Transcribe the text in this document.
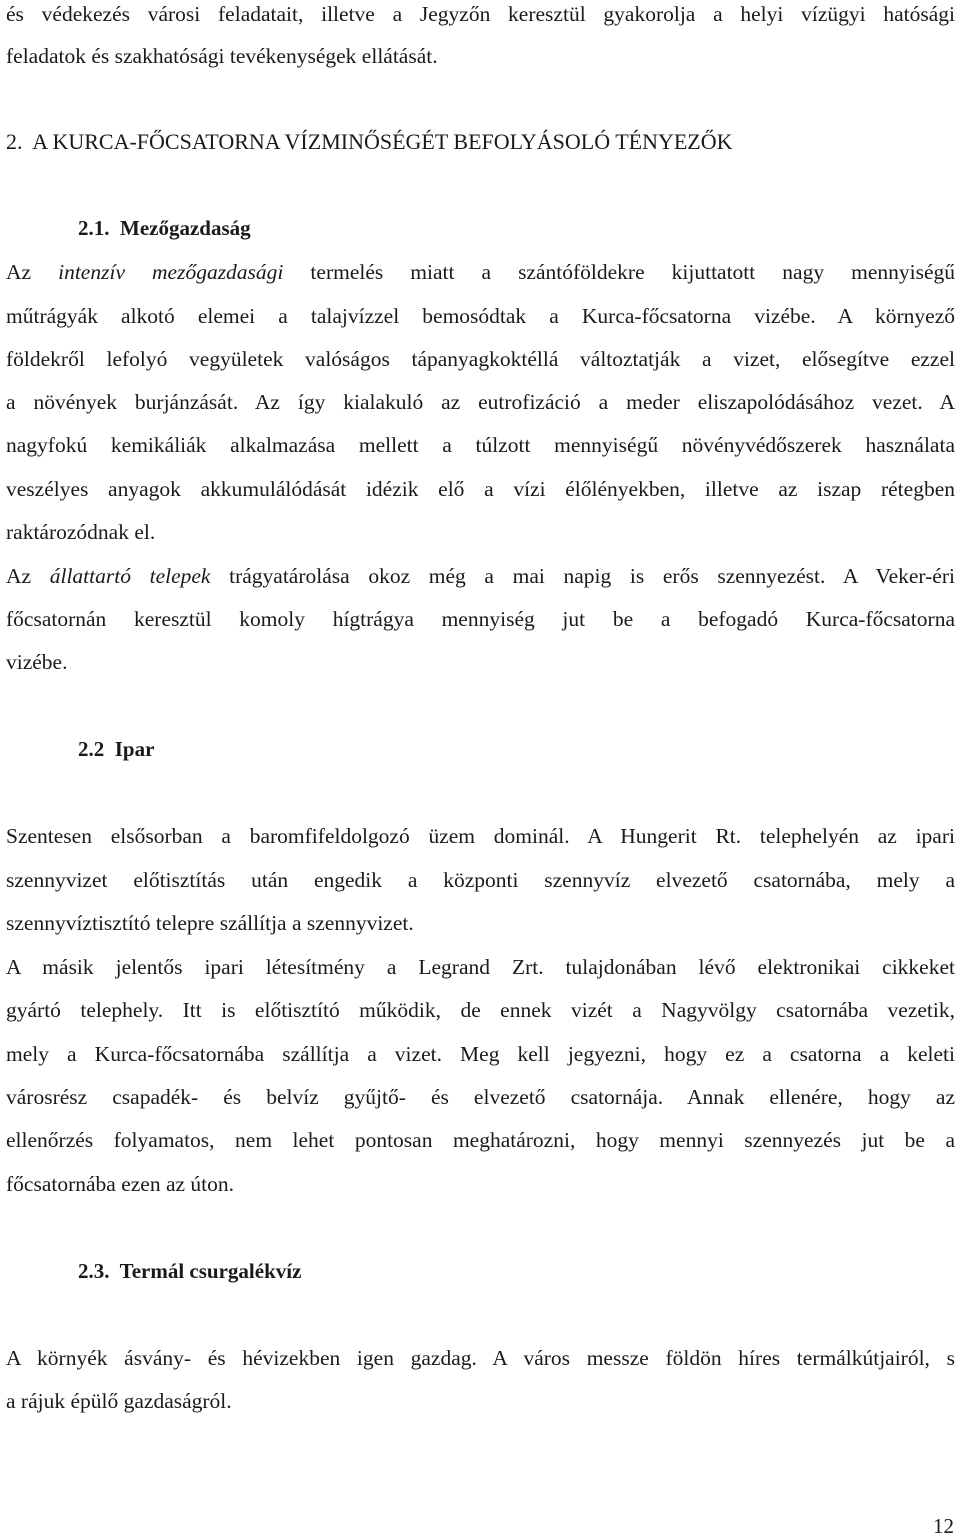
és védekezés városi feladatait, illetve a Jegyzőn keresztül gyakorolja a helyi vízügyi hatósági
feladatok és szakhatósági tevékenységek ellátását.
2.  A KURCA-FŐCSATORNA VÍZMINŐSÉGÉT BEFOLYÁSOLÓ TÉNYEZŐK
2.1.  Mezőgazdaság
Az intenzív mezőgazdasági termelés miatt a szántóföldekre kijuttatott nagy mennyiségű
műtrágyák alkotó elemei a talajvízzel bemosódtak a Kurca-főcsatorna vizébe. A környező
földekről lefolyó vegyületek valóságos tápanyagkoktéllá változtatják a vizet, elősegítve ezzel
a növények burjánzását. Az így kialakuló az eutrofizáció a meder eliszapolódásához vezet. A
nagyfokú kemikáliák alkalmazása mellett a túlzott mennyiségű növényvédőszerek használata
veszélyes anyagok akkumulálódását idézik elő a vízi élőlényekben, illetve az iszap rétegben
raktározódnak el.
Az állattartó telepek trágyatárolása okoz még a mai napig is erős szennyezést. A Veker-éri
főcsatornán keresztül komoly hígtrágya mennyiség jut be a befogadó Kurca-főcsatorna
vizébe.
2.2  Ipar
Szentesen elsősorban a baromfifeldolgozó üzem dominál. A Hungerit Rt. telephelyén az ipari
szennyvizet előtisztítás után engedik a központi szennyvíz elvezető csatornába, mely a
szennyvíztisztító telepre szállítja a szennyvizet.
A másik jelentős ipari létesítmény a Legrand Zrt. tulajdonában lévő elektronikai cikkeket
gyártó telephely. Itt is előtisztító működik, de ennek vizét a Nagyvölgy csatornába vezetik,
mely a Kurca-főcsatornába szállítja a vizet. Meg kell jegyezni, hogy ez a csatorna a keleti
városrész csapadék- és belvíz gyűjtő- és elvezető csatornája. Annak ellenére, hogy az
ellenőrzés folyamatos, nem lehet pontosan meghatározni, hogy mennyi szennyezés jut be a
főcsatornába ezen az úton.
2.3.  Termál csurgalékvíz
A környék ásvány- és hévizekben igen gazdag. A város messze földön híres termálkútjairól, s
a rájuk épülő gazdaságról.
12
